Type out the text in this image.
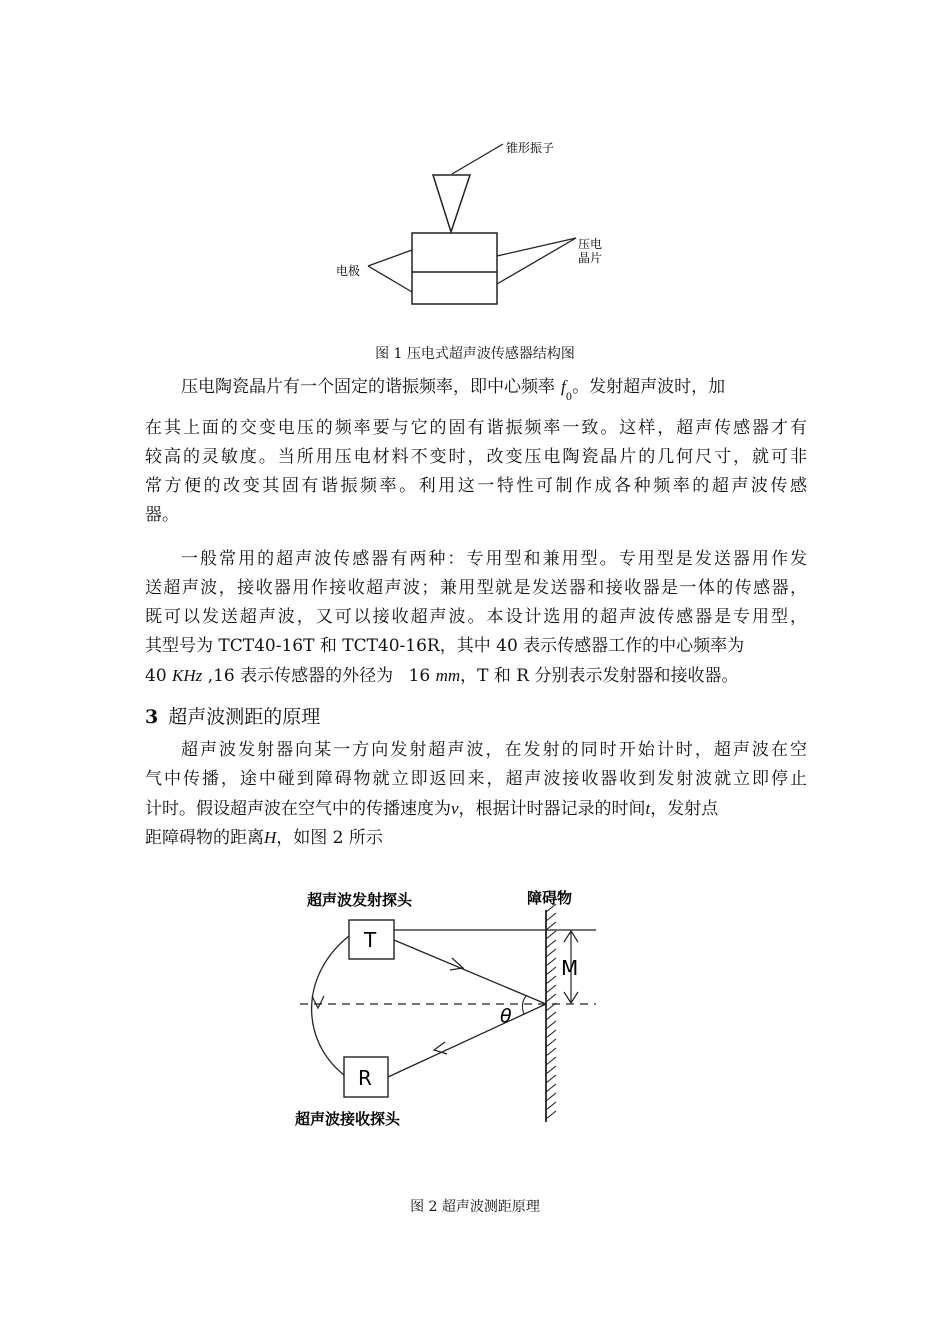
锥形振子
压电
晶片
电极
图 1 压电式超声波传感器结构图
压电陶瓷晶片有一个固定的谐振频率，即中心频率 $f_0$。发射超声波时，加
在其上面的交变电压的频率要与它的固有谐振频率一致。这样，超声传感器才有
较高的灵敏度。当所用压电材料不变时，改变压电陶瓷晶片的几何尺寸，就可非
常方便的改变其固有谐振频率。利用这一特性可制作成各种频率的超声波传感
器。
一般常用的超声波传感器有两种：专用型和兼用型。专用型是发送器用作发
送超声波，接收器用作接收超声波；兼用型就是发送器和接收器是一体的传感器，
既可以发送超声波，又可以接收超声波。本设计选用的超声波传感器是专用型，
其型号为 TCT40-16T 和 TCT40-16R，其中 40 表示传感器工作的中心频率为
40 KHz ,16 表示传感器的外径为 16 mm，T 和 R 分别表示发射器和接收器。
3 超声波测距的原理
超声波发射器向某一方向发射超声波，在发射的同时开始计时，超声波在空
气中传播，途中碰到障碍物就立即返回来，超声波接收器收到发射波就立即停止
计时。假设超声波在空气中的传播速度为v，根据计时器记录的时间t，发射点
距障碍物的距离H，如图 2 所示
超声波发射探头	障碍物
T
M
θ
R
超声波接收探头
图 2 超声波测距原理
